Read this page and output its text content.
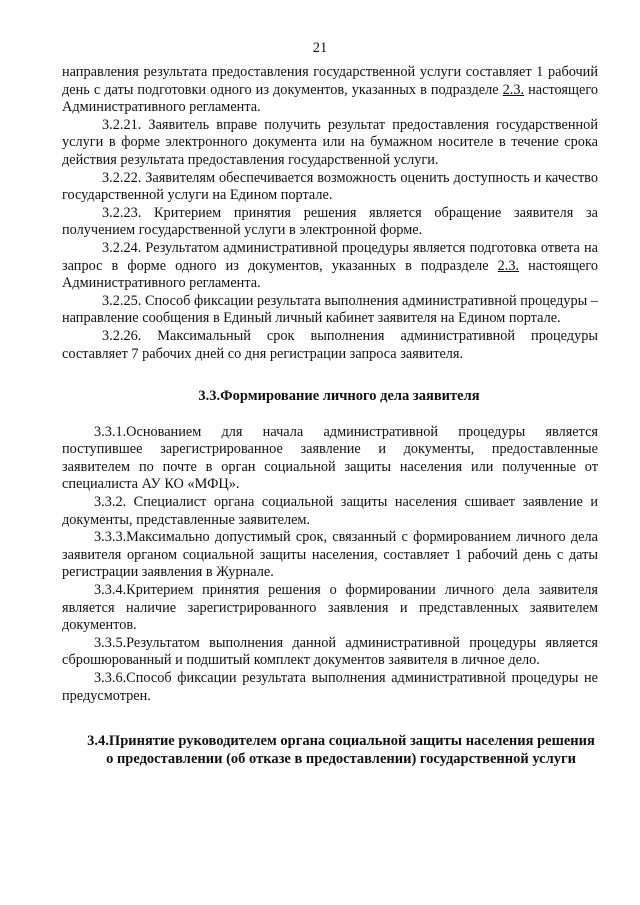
21

направления результата предоставления государственной услуги составляет 1 рабочий день с даты подготовки одного из документов, указанных в подразделе 2.3. настоящего Административного регламента.

3.2.21. Заявитель вправе получить результат предоставления государственной услуги в форме электронного документа или на бумажном носителе в течение срока действия результата предоставления государственной услуги.

3.2.22. Заявителям обеспечивается возможность оценить доступность и качество государственной услуги на Едином портале.

3.2.23. Критерием принятия решения является обращение заявителя за получением государственной услуги в электронной форме.

3.2.24. Результатом административной процедуры является подготовка ответа на запрос в форме одного из документов, указанных в подразделе 2.3. настоящего Административного регламента.

3.2.25. Способ фиксации результата выполнения административной процедуры – направление сообщения в Единый личный кабинет заявителя на Едином портале.

3.2.26. Максимальный срок выполнения административной процедуры составляет 7 рабочих дней со дня регистрации запроса заявителя.

3.3.Формирование личного дела заявителя

3.3.1.Основанием для начала административной процедуры является поступившее зарегистрированное заявление и документы, предоставленные заявителем по почте в орган социальной защиты населения или полученные от специалиста АУ КО «МФЦ».

3.3.2. Специалист органа социальной защиты населения сшивает заявление и документы, представленные заявителем.

3.3.3.Максимально допустимый срок, связанный с формированием личного дела заявителя органом социальной защиты населения, составляет 1 рабочий день с даты регистрации заявления в Журнале.

3.3.4.Критерием принятия решения о формировании личного дела заявителя является наличие зарегистрированного заявления и представленных заявителем документов.

3.3.5.Результатом выполнения данной административной процедуры является сброшюрованный и подшитый комплект документов заявителя в личное дело.

3.3.6.Способ фиксации результата выполнения административной процедуры не предусмотрен.

3.4.Принятие руководителем органа социальной защиты населения решения о предоставлении (об отказе в предоставлении) государственной услуги
